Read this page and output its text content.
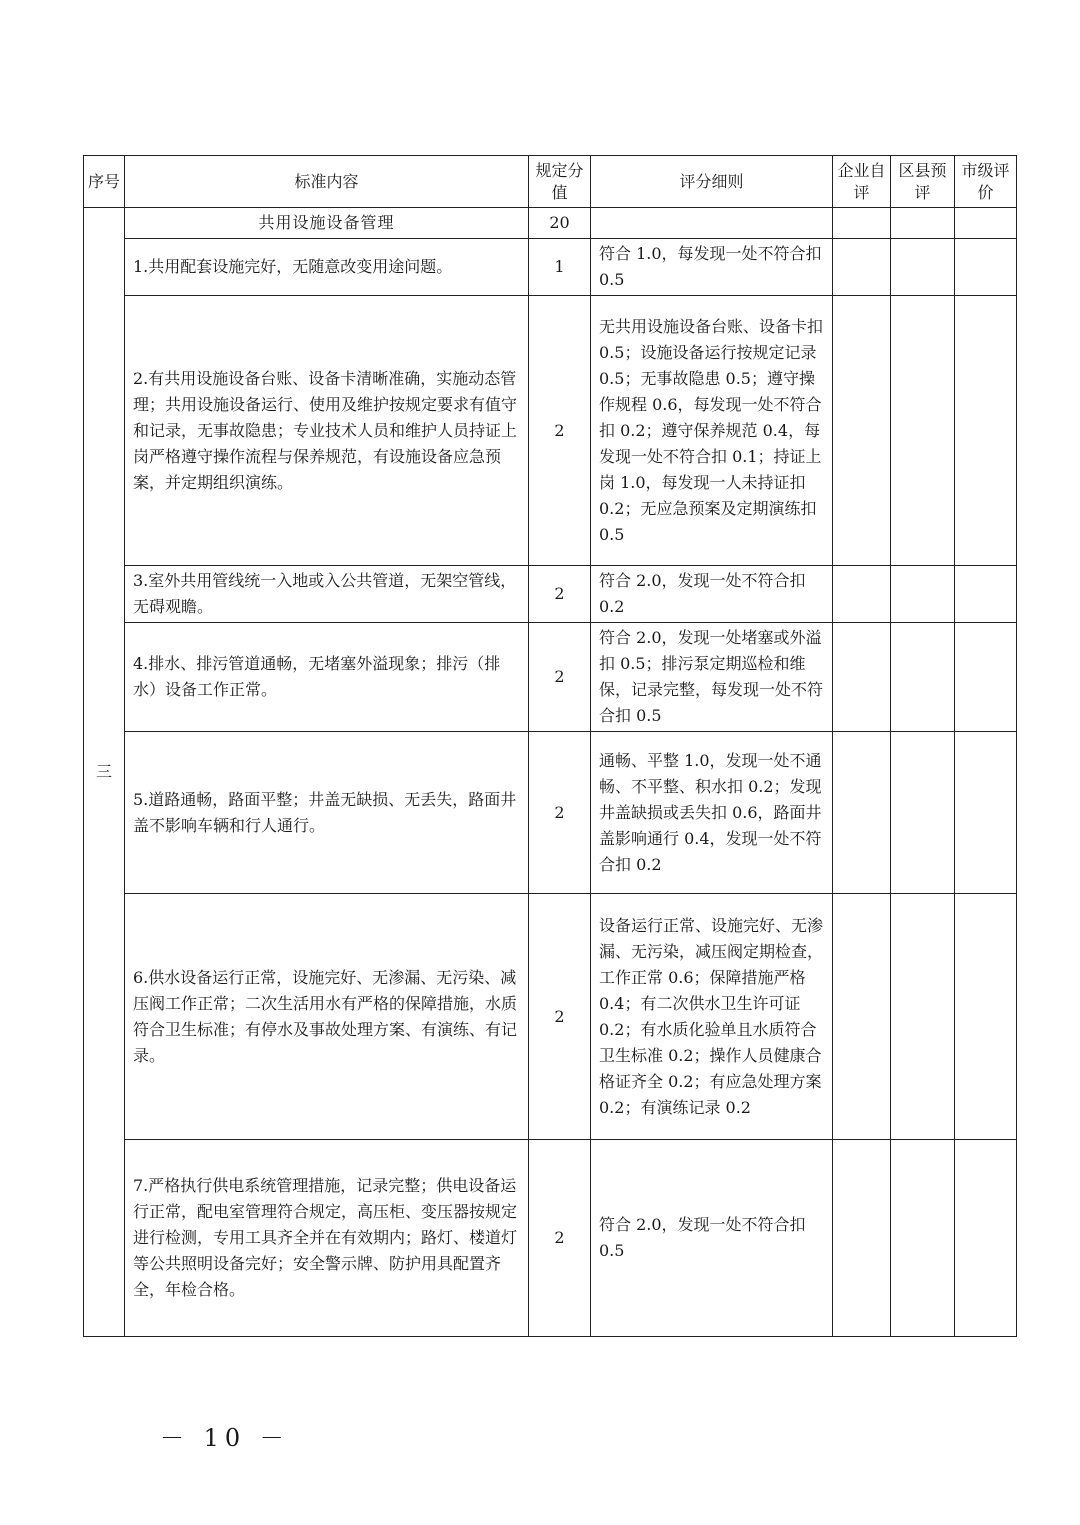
序号	标准内容	规定分值	评分细则	企业自评	区县预评	市级评价
三	共用设施设备管理	20				
	1.共用配套设施完好，无随意改变用途问题。	1	符合 1.0，每发现一处不符合扣 0.5			
	2.有共用设施设备台账、设备卡清晰准确，实施动态管理；共用设施设备运行、使用及维护按规定要求有值守和记录，无事故隐患；专业技术人员和维护人员持证上岗严格遵守操作流程与保养规范，有设施设备应急预案，并定期组织演练。	2	无共用设施设备台账、设备卡扣 0.5；设施设备运行按规定记录 0.5；无事故隐患 0.5；遵守操作规程 0.6，每发现一处不符合扣 0.2；遵守保养规范 0.4，每发现一处不符合扣 0.1；持证上岗 1.0，每发现一人未持证扣 0.2；无应急预案及定期演练扣 0.5			
	3.室外共用管线统一入地或入公共管道，无架空管线，无碍观瞻。	2	符合 2.0，发现一处不符合扣 0.2			
	4.排水、排污管道通畅，无堵塞外溢现象；排污（排水）设备工作正常。	2	符合 2.0，发现一处堵塞或外溢扣 0.5；排污泵定期巡检和维保，记录完整，每发现一处不符合扣 0.5			
	5.道路通畅，路面平整；井盖无缺损、无丢失，路面井盖不影响车辆和行人通行。	2	通畅、平整 1.0，发现一处不通畅、不平整、积水扣 0.2；发现井盖缺损或丢失扣 0.6，路面井盖影响通行 0.4，发现一处不符合扣 0.2			
	6.供水设备运行正常，设施完好、无渗漏、无污染、减压阀工作正常；二次生活用水有严格的保障措施，水质符合卫生标准；有停水及事故处理方案、有演练、有记录。	2	设备运行正常、设施完好、无渗漏、无污染，减压阀定期检查，工作正常 0.6；保障措施严格 0.4；有二次供水卫生许可证 0.2；有水质化验单且水质符合卫生标准 0.2；操作人员健康合格证齐全 0.2；有应急处理方案 0.2；有演练记录 0.2			
	7.严格执行供电系统管理措施，记录完整；供电设备运行正常，配电室管理符合规定，高压柜、变压器按规定进行检测，专用工具齐全并在有效期内；路灯、楼道灯等公共照明设备完好；安全警示牌、防护用具配置齐全，年检合格。	2	符合 2.0，发现一处不符合扣 0.5			
－ 10 －
